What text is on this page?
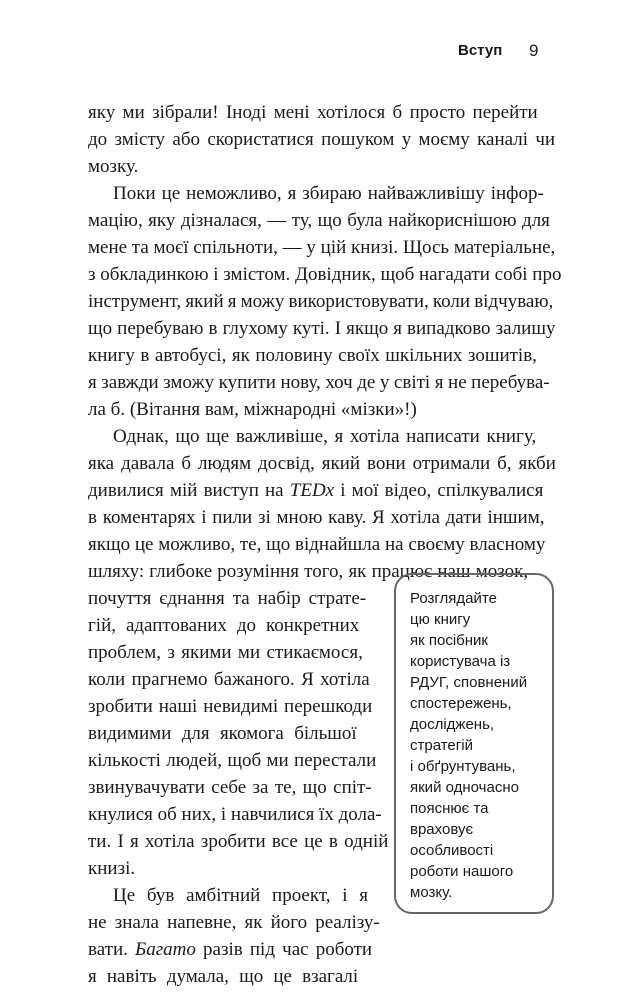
Вступ 9
яку ми зібрали! Іноді мені хотілося б просто перейти
до змісту або скористатися пошуком у моєму каналі чи
мозку.
Поки це неможливо, я збираю найважливішу інфор-
мацію, яку дізналася, — ту, що була найкориснішою для
мене та моєї спільноти, — у цій книзі. Щось матеріальне,
з обкладинкою і змістом. Довідник, щоб нагадати собі про
інструмент, який я можу використовувати, коли відчуваю,
що перебуваю в глухому куті. І якщо я випадково залишу
книгу в автобусі, як половину своїх шкільних зошитів,
я завжди зможу купити нову, хоч де у світі я не перебува-
ла б. (Вітання вам, міжнародні «мізки»!)
Однак, що ще важливіше, я хотіла написати книгу,
яка давала б людям досвід, який вони отримали б, якби
дивилися мій виступ на TEDx і мої відео, спілкувалися
в коментарях і пили зі мною каву. Я хотіла дати іншим,
якщо це можливо, те, що віднайшла на своєму власному
шляху: глибоке розуміння того, як працює наш мозок,
почуття єднання та набір страте-
гій, адаптованих до конкретних
проблем, з якими ми стикаємося,
коли прагнемо бажаного. Я хотіла
зробити наші невидимі перешкоди
видимими для якомога більшої
кількості людей, щоб ми перестали
звинувачувати себе за те, що спіт-
кнулися об них, і навчилися їх дола-
ти. І я хотіла зробити все це в одній
книзі.
Це був амбітний проект, і я
не знала напевне, як його реалізу-
вати. Багато разів під час роботи
я навіть думала, що це взагалі
Розглядайте
цю книгу
як посібник
користувача із
РДУГ, сповнений
спостережень,
досліджень,
стратегій
і обґрунтувань,
який одночасно
пояснює та
враховує
особливості
роботи нашого
мозку.
